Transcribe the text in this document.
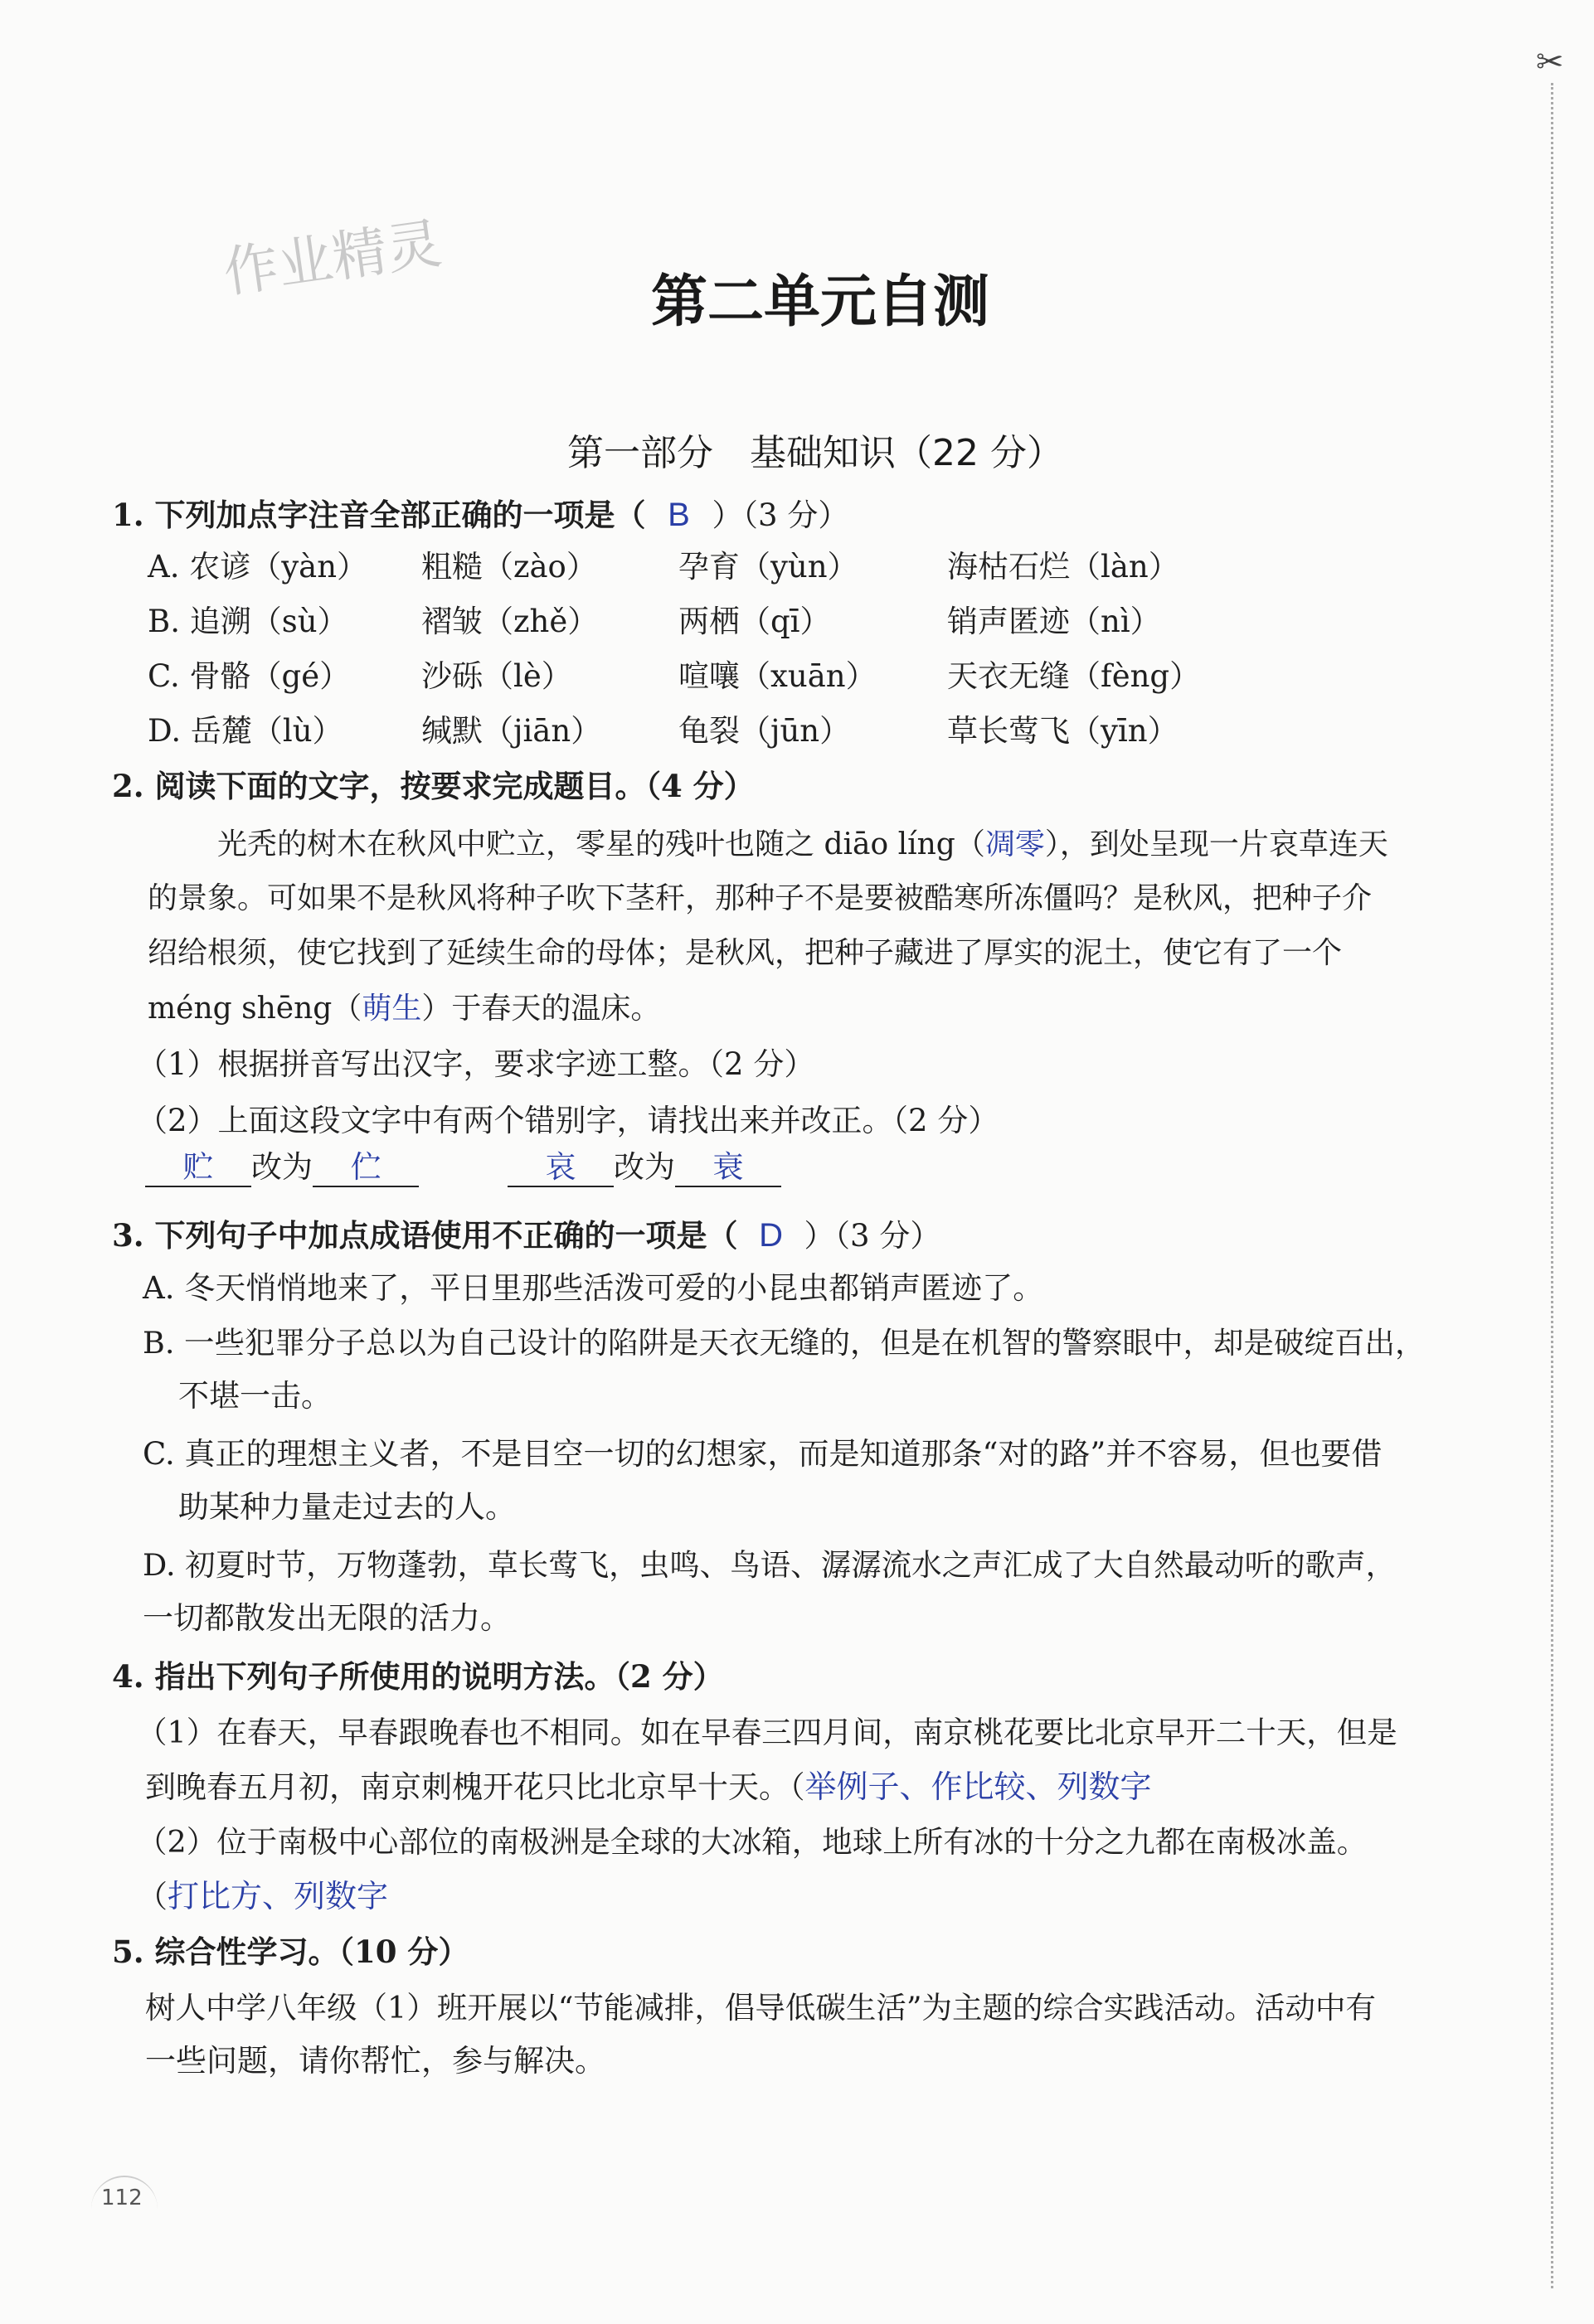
✂
作业精灵	第二单元自测
第一部分　基础知识（22 分）
1. 下列加点字注音全部正确的一项是（ B ）（3 分）
A. 农谚（yàn） 粗糙（zào）	孕育（yùn）	海枯石烂（làn）
B. 追溯（sù） 褶皱（zhě）	两栖（qī）	销声匿迹（nì）
C. 骨骼（gé） 沙砾（lè）	喧嚷（xuān） 天衣无缝（fèng）
D. 岳麓（lù）	缄默（jiān）	龟裂（jūn）	草长莺飞（yīn）
2. 阅读下面的文字，按要求完成题目。（4 分）
光秃的树木在秋风中贮立，零星的残叶也随之 diāo líng（凋零），到处呈现一片哀草连天
的景象。可如果不是秋风将种子吹下茎秆，那种子不是要被酷寒所冻僵吗？是秋风，把种子介
绍给根须，使它找到了延续生命的母体；是秋风，把种子藏进了厚实的泥土，使它有了一个
méng shēng（萌生）于春天的温床。
（1）根据拼音写出汉字，要求字迹工整。（2 分）
（2）上面这段文字中有两个错别字，请找出来并改正。（2 分）
贮 改为 伫	哀 改为 衰
3. 下列句子中加点成语使用不正确的一项是（ D ）（3 分）
A. 冬天悄悄地来了，平日里那些活泼可爱的小昆虫都销声匿迹了。
B. 一些犯罪分子总以为自己设计的陷阱是天衣无缝的，但是在机智的警察眼中，却是破绽百出，
不堪一击。
C. 真正的理想主义者，不是目空一切的幻想家，而是知道那条“对的路”并不容易，但也要借
助某种力量走过去的人。
D. 初夏时节，万物蓬勃，草长莺飞，虫鸣、鸟语、潺潺流水之声汇成了大自然最动听的歌声，
一切都散发出无限的活力。
4. 指出下列句子所使用的说明方法。（2 分）
（1）在春天，早春跟晚春也不相同。如在早春三四月间，南京桃花要比北京早开二十天，但是
到晚春五月初，南京刺槐开花只比北京早十天。（举例子、作比较、列数字
（2）位于南极中心部位的南极洲是全球的大冰箱，地球上所有冰的十分之九都在南极冰盖。
（打比方、列数字
5. 综合性学习。（10 分）
树人中学八年级（1）班开展以“节能减排，倡导低碳生活”为主题的综合实践活动。活动中有
一些问题，请你帮忙，参与解决。
112
